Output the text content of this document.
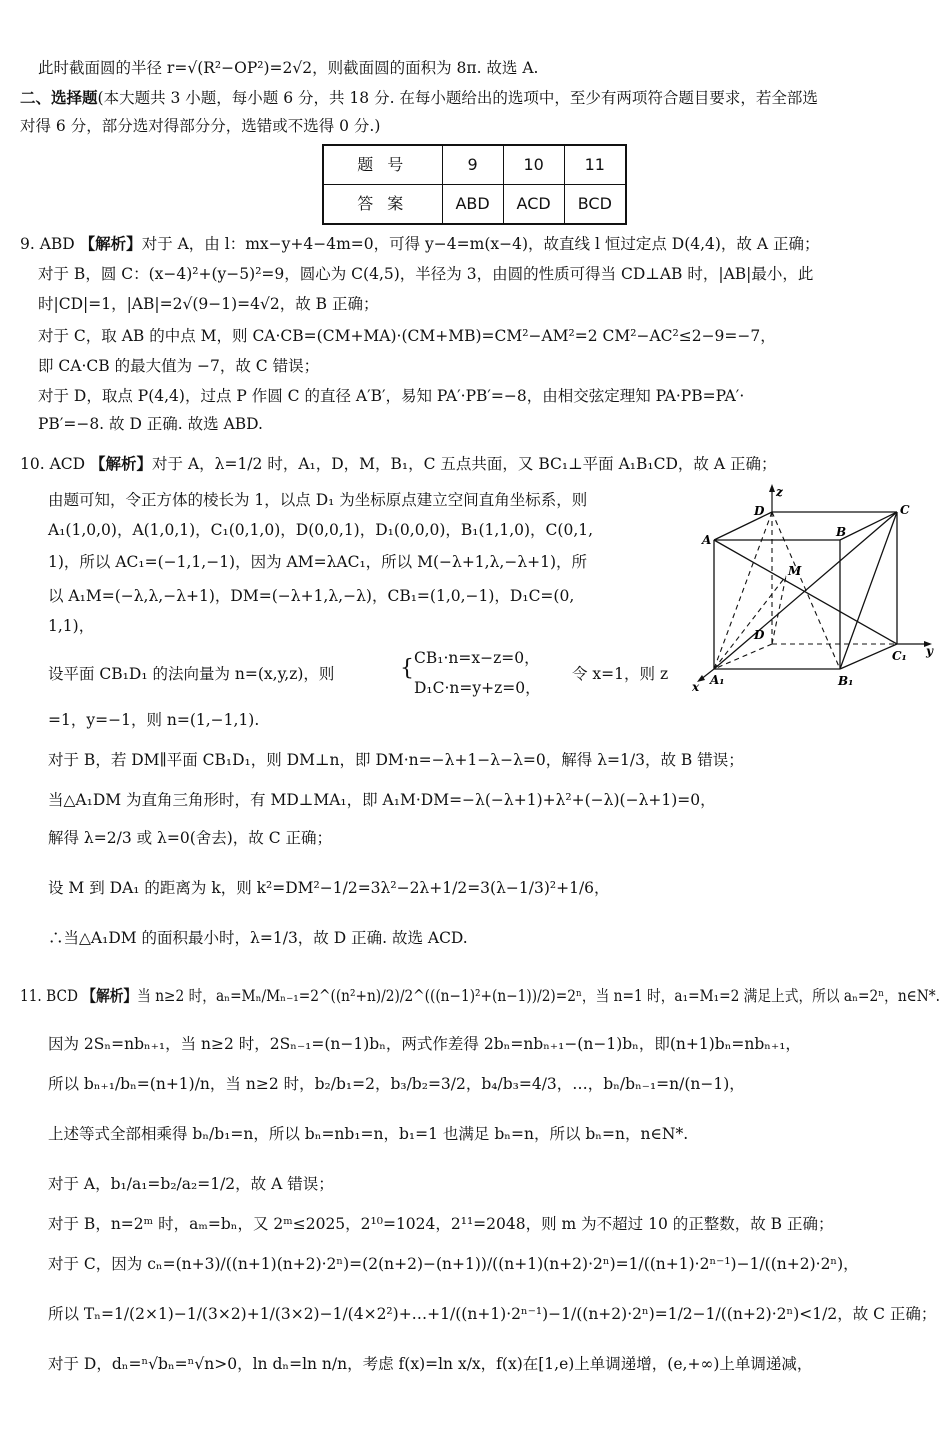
此时截面圆的半径 r=√(R²−OP²)=2√2，则截面圆的面积为 8π. 故选 A.
二、选择题(本大题共 3 小题，每小题 6 分，共 18 分. 在每小题给出的选项中，至少有两项符合题目要求，若全部选
对得 6 分，部分选对得部分分，选错或不选得 0 分.)
题号	9	10	11
答案	ABD	ACD	BCD
9. ABD 【解析】对于 A，由 l：mx−y+4−4m=0，可得 y−4=m(x−4)，故直线 l 恒过定点 D(4,4)，故 A 正确；
对于 B，圆 C：(x−4)²+(y−5)²=9，圆心为 C(4,5)，半径为 3，由圆的性质可得当 CD⊥AB 时，|AB|最小，此
时|CD|=1，|AB|=2√(9−1)=4√2，故 B 正确；
对于 C，取 AB 的中点 M，则 CA·CB=(CM+MA)·(CM+MB)=CM²−AM²=2 CM²−AC²≤2−9=−7，
即 CA·CB 的最大值为 −7，故 C 错误；
对于 D，取点 P(4,4)，过点 P 作圆 C 的直径 A′B′，易知 PA′·PB′=−8，由相交弦定理知 PA·PB=PA′·
PB′=−8. 故 D 正确. 故选 ABD.
10. ACD 【解析】对于 A，λ=1/2 时，A₁，D，M，B₁，C 五点共面，又 BC₁⊥平面 A₁B₁CD，故 A 正确；
由题可知，令正方体的棱长为 1，以点 D₁ 为坐标原点建立空间直角坐标系，则
A₁(1,0,0)，A(1,0,1)，C₁(0,1,0)，D(0,0,1)，D₁(0,0,0)，B₁(1,1,0)，C(0,1,
1)，所以 AC₁=(−1,1,−1)，因为 AM=λAC₁，所以 M(−λ+1,λ,−λ+1)，所
以 A₁M=(−λ,λ,−λ+1)，DM=(−λ+1,λ,−λ)，CB₁=(1,0,−1)，D₁C=(0,
1,1)，
设平面 CB₁D₁ 的法向量为 n=(x,y,z)，则	{ CB₁·n=x−z=0，
D₁C·n=y+z=0，
令 x=1，则 z
=1，y=−1，则 n=(1,−1,1).
对于 B，若 DM∥平面 CB₁D₁，则 DM⊥n，即 DM·n=−λ+1−λ−λ=0，解得 λ=1/3，故 B 错误；
当△A₁DM 为直角三角形时，有 MD⊥MA₁，即 A₁M·DM=−λ(−λ+1)+λ²+(−λ)(−λ+1)=0，
解得 λ=2/3 或 λ=0(舍去)，故 C 正确；
设 M 到 DA₁ 的距离为 k，则 k²=DM²−1/2=3λ²−2λ+1/2=3(λ−1/3)²+1/6，
∴当△A₁DM 的面积最小时，λ=1/3，故 D 正确. 故选 ACD.
z
D
B
C
A
M
D
C₁ y
x A₁	B₁
11. BCD 【解析】当 n≥2 时，aₙ=Mₙ/Mₙ₋₁=2^((n²+n)/2)/2^(((n−1)²+(n−1))/2)=2ⁿ，当 n=1 时，a₁=M₁=2 满足上式，所以 aₙ=2ⁿ，n∈N*.
因为 2Sₙ=nbₙ₊₁，当 n≥2 时，2Sₙ₋₁=(n−1)bₙ，两式作差得 2bₙ=nbₙ₊₁−(n−1)bₙ，即(n+1)bₙ=nbₙ₊₁，
所以 bₙ₊₁/bₙ=(n+1)/n，当 n≥2 时，b₂/b₁=2，b₃/b₂=3/2，b₄/b₃=4/3，…，bₙ/bₙ₋₁=n/(n−1)，
上述等式全部相乘得 bₙ/b₁=n，所以 bₙ=nb₁=n，b₁=1 也满足 bₙ=n，所以 bₙ=n，n∈N*.
对于 A，b₁/a₁=b₂/a₂=1/2，故 A 错误；
对于 B，n=2ᵐ 时，aₘ=bₙ，又 2ᵐ≤2025，2¹⁰=1024，2¹¹=2048，则 m 为不超过 10 的正整数，故 B 正确；
对于 C，因为 cₙ=(n+3)/((n+1)(n+2)·2ⁿ)=(2(n+2)−(n+1))/((n+1)(n+2)·2ⁿ)=1/((n+1)·2ⁿ⁻¹)−1/((n+2)·2ⁿ)，
所以 Tₙ=1/(2×1)−1/(3×2)+1/(3×2)−1/(4×2²)+…+1/((n+1)·2ⁿ⁻¹)−1/((n+2)·2ⁿ)=1/2−1/((n+2)·2ⁿ)<1/2，故 C 正确；
对于 D，dₙ=ⁿ√bₙ=ⁿ√n>0，ln dₙ=ln n/n，考虑 f(x)=ln x/x，f(x)在[1,e)上单调递增，(e,+∞)上单调递减，
